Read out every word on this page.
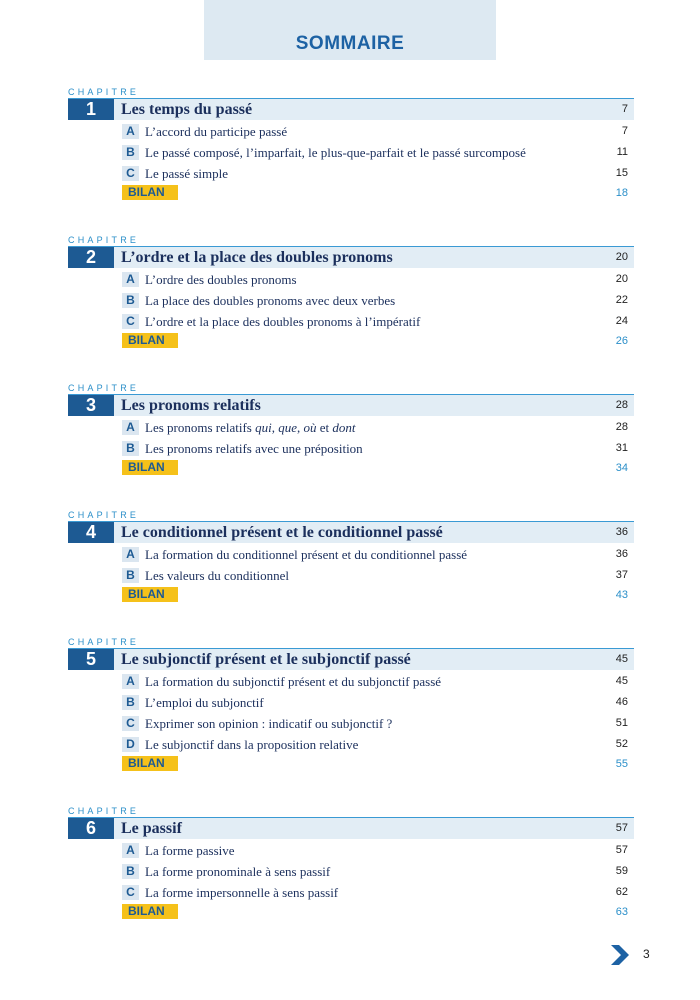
SOMMAIRE
CHAPITRE
1	Les temps du passé	7
A L’accord du participe passé	7
B Le passé composé, l’imparfait, le plus-que-parfait et le passé surcomposé	11
C Le passé simple	15
BILAN	18
CHAPITRE
2	L’ordre et la place des doubles pronoms	20
A L’ordre des doubles pronoms	20
B La place des doubles pronoms avec deux verbes	22
C L’ordre et la place des doubles pronoms à l’impératif	24
BILAN	26
CHAPITRE
3	Les pronoms relatifs	28
A Les pronoms relatifs qui, que, où et dont	28
B Les pronoms relatifs avec une préposition	31
BILAN	34
CHAPITRE
4	Le conditionnel présent et le conditionnel passé	36
A La formation du conditionnel présent et du conditionnel passé	36
B Les valeurs du conditionnel	37
BILAN	43
CHAPITRE
5	Le subjonctif présent et le subjonctif passé	45
A La formation du subjonctif présent et du subjonctif passé	45
B L’emploi du subjonctif	46
C Exprimer son opinion : indicatif ou subjonctif ?	51
D Le subjonctif dans la proposition relative	52
BILAN	55
CHAPITRE
6	Le passif	57
A La forme passive	57
B La forme pronominale à sens passif	59
C La forme impersonnelle à sens passif	62
BILAN	63
3
